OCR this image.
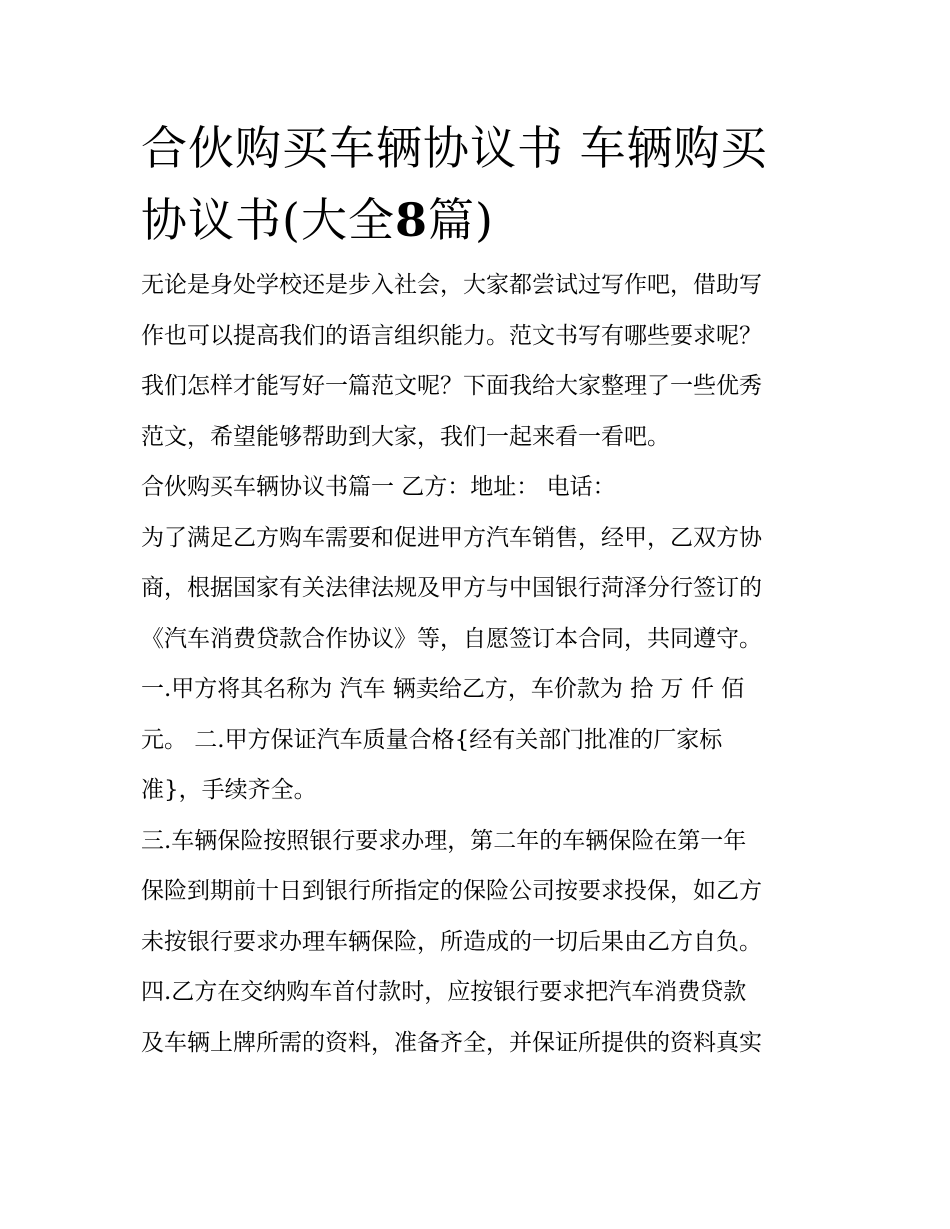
合伙购买车辆协议书 车辆购买
协议书(大全8篇)

无论是身处学校还是步入社会，大家都尝试过写作吧，借助写

作也可以提高我们的语言组织能力。范文书写有哪些要求呢？

我们怎样才能写好一篇范文呢？下面我给大家整理了一些优秀

范文，希望能够帮助到大家，我们一起来看一看吧。

合伙购买车辆协议书篇一 乙方：地址： 电话：

为了满足乙方购车需要和促进甲方汽车销售，经甲，乙双方协

商，根据国家有关法律法规及甲方与中国银行菏泽分行签订的

《汽车消费贷款合作协议》等，自愿签订本合同，共同遵守。

一.甲方将其名称为 汽车 辆卖给乙方，车价款为 拾 万 仟 佰

元。 二.甲方保证汽车质量合格{经有关部门批准的厂家标

准}，手续齐全。

三.车辆保险按照银行要求办理，第二年的车辆保险在第一年

保险到期前十日到银行所指定的保险公司按要求投保，如乙方

未按银行要求办理车辆保险，所造成的一切后果由乙方自负。

四.乙方在交纳购车首付款时，应按银行要求把汽车消费贷款

及车辆上牌所需的资料，准备齐全，并保证所提供的资料真实
